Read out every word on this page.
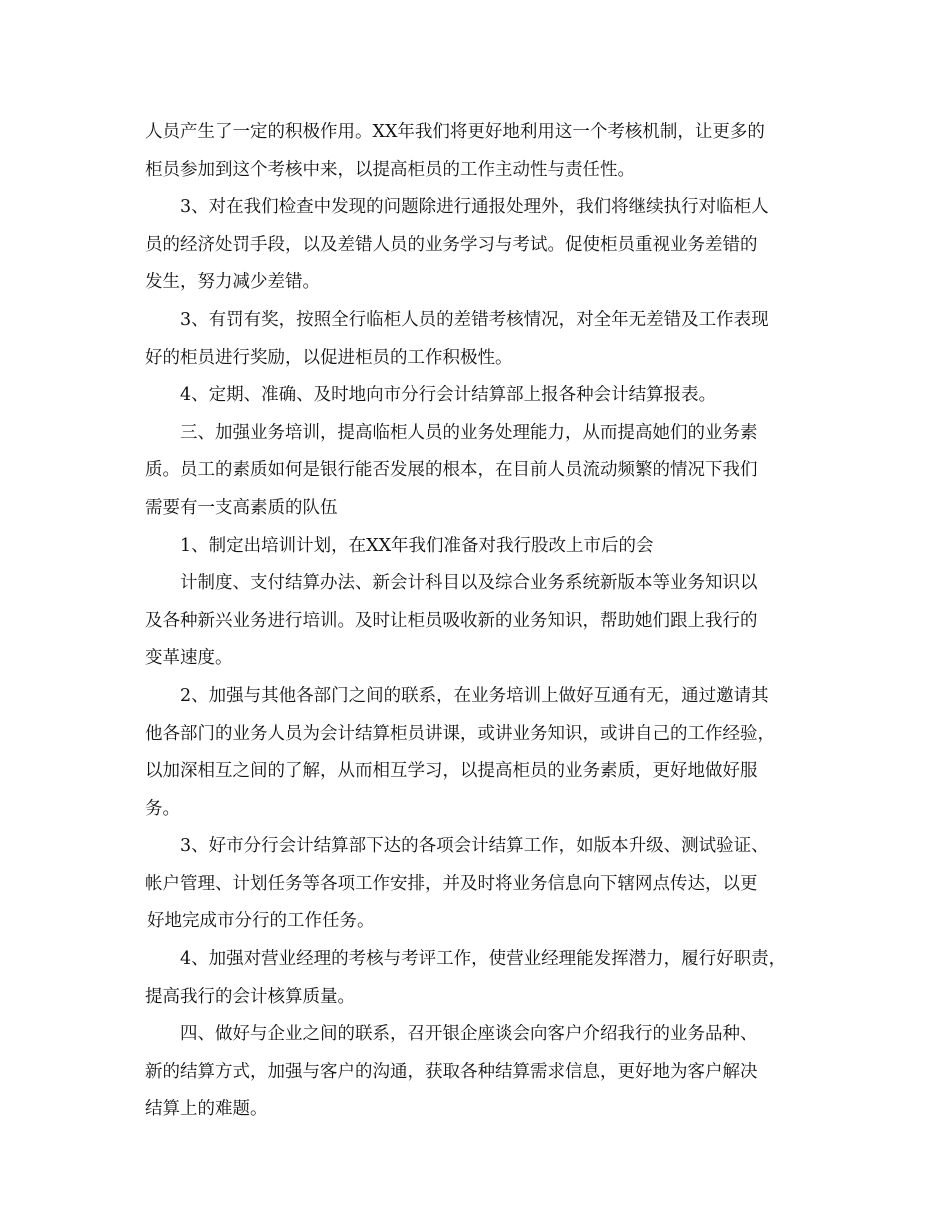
人员产生了一定的积极作用。XX年我们将更好地利用这一个考核机制，让更多的
柜员参加到这个考核中来，以提高柜员的工作主动性与责任性。
3、对在我们检查中发现的问题除进行通报处理外，我们将继续执行对临柜人
员的经济处罚手段，以及差错人员的业务学习与考试。促使柜员重视业务差错的
发生，努力减少差错。
3、有罚有奖，按照全行临柜人员的差错考核情况，对全年无差错及工作表现
好的柜员进行奖励，以促进柜员的工作积极性。
4、定期、准确、及时地向市分行会计结算部上报各种会计结算报表。
三、加强业务培训，提高临柜人员的业务处理能力，从而提高她们的业务素
质。员工的素质如何是银行能否发展的根本，在目前人员流动频繁的情况下我们
需要有一支高素质的队伍
1、制定出培训计划，在XX年我们准备对我行股改上市后的会
计制度、支付结算办法、新会计科目以及综合业务系统新版本等业务知识以
及各种新兴业务进行培训。及时让柜员吸收新的业务知识，帮助她们跟上我行的
变革速度。
2、加强与其他各部门之间的联系，在业务培训上做好互通有无，通过邀请其
他各部门的业务人员为会计结算柜员讲课，或讲业务知识，或讲自己的工作经验，
以加深相互之间的了解，从而相互学习，以提高柜员的业务素质，更好地做好服
务。
3、好市分行会计结算部下达的各项会计结算工作，如版本升级、测试验证、
帐户管理、计划任务等各项工作安排，并及时将业务信息向下辖网点传达，以更
好地完成市分行的工作任务。
4、加强对营业经理的考核与考评工作，使营业经理能发挥潜力，履行好职责，
提高我行的会计核算质量。
四、做好与企业之间的联系，召开银企座谈会向客户介绍我行的业务品种、
新的结算方式，加强与客户的沟通，获取各种结算需求信息，更好地为客户解决
结算上的难题。
